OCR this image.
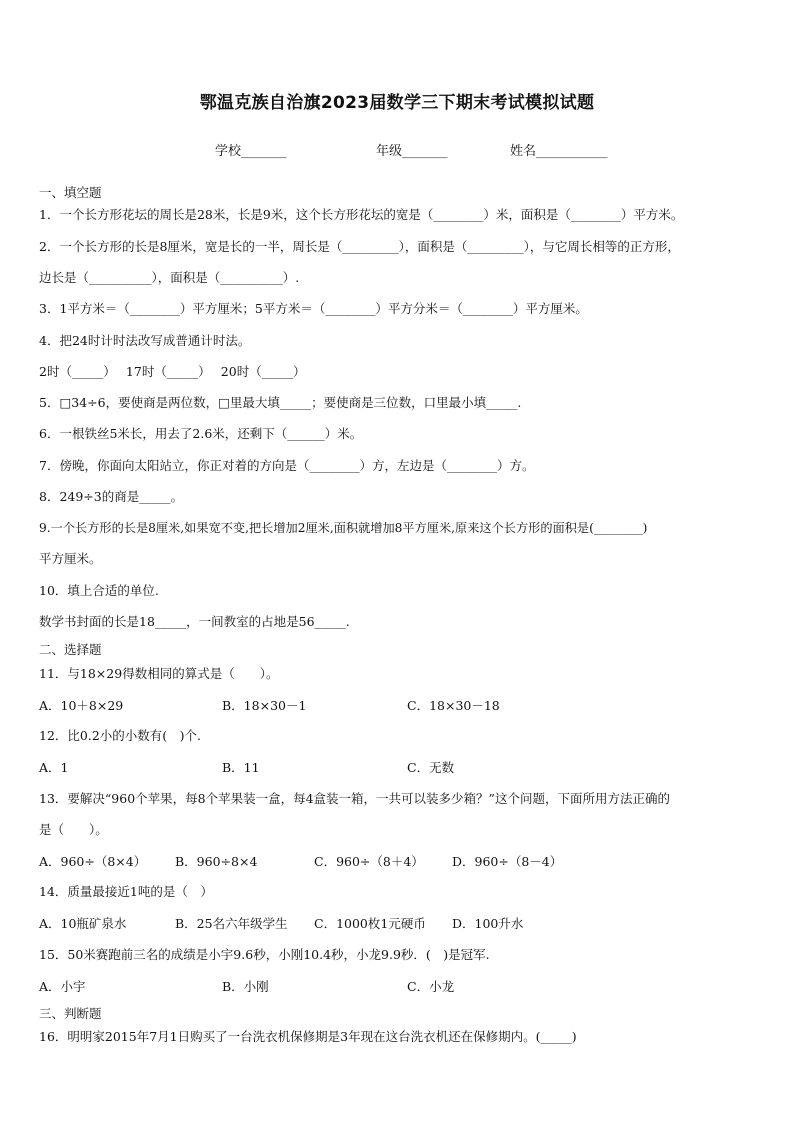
鄂温克族自治旗2023届数学三下期末考试模拟试题
学校_______	年级_______	姓名___________
一、填空题
1．一个长方形花坛的周长是28米，长是9米，这个长方形花坛的宽是（________）米，面积是（________）平方米。
2．一个长方形的长是8厘米，宽是长的一半，周长是（_________），面积是（_________），与它周长相等的正方形，
边长是（__________），面积是（__________）.
3．1平方米＝（________）平方厘米；5平方米＝（________）平方分米＝（________）平方厘米。
4．把24时计时法改写成普通计时法。
2时（_____）　 17时（_____）　 20时（_____）
5．□34÷6，要使商是两位数，□里最大填_____；要使商是三位数，口里最小填_____.
6．一根铁丝5米长，用去了2.6米，还剩下（______）米。
7．傍晚，你面向太阳站立，你正对着的方向是（________）方，左边是（________）方。
8．249÷3的商是_____。
9.一个长方形的长是8厘米,如果宽不变,把长增加2厘米,面积就增加8平方厘米,原来这个长方形的面积是(________)
平方厘米。
10．填上合适的单位.
数学书封面的长是18_____，一间教室的占地是56_____.
二、选择题
11．与18×29得数相同的算式是（　　）。
A．10＋8×29	B．18×30－1	C．18×30－18
12．比0.2小的小数有(　)个.
A．1	B．11	C．无数
13．要解决“960个苹果，每8个苹果装一盒，每4盒装一箱，一共可以装多少箱？”这个问题，下面所用方法正确的
是（　　）。
A．960÷（8×4） B．960÷8×4	C．960÷（8＋4） D．960÷（8－4）
14．质量最接近1吨的是（　）
A．10瓶矿泉水	B．25名六年级学生 C．1000枚1元硬币 D．100升水
15．50米赛跑前三名的成绩是小宇9.6秒，小刚10.4秒，小龙9.9秒．(　)是冠军.
A．小宇	B．小刚	C．小龙
三、判断题
16．明明家2015年7月1日购买了一台洗衣机保修期是3年现在这台洗衣机还在保修期内。(_____)
